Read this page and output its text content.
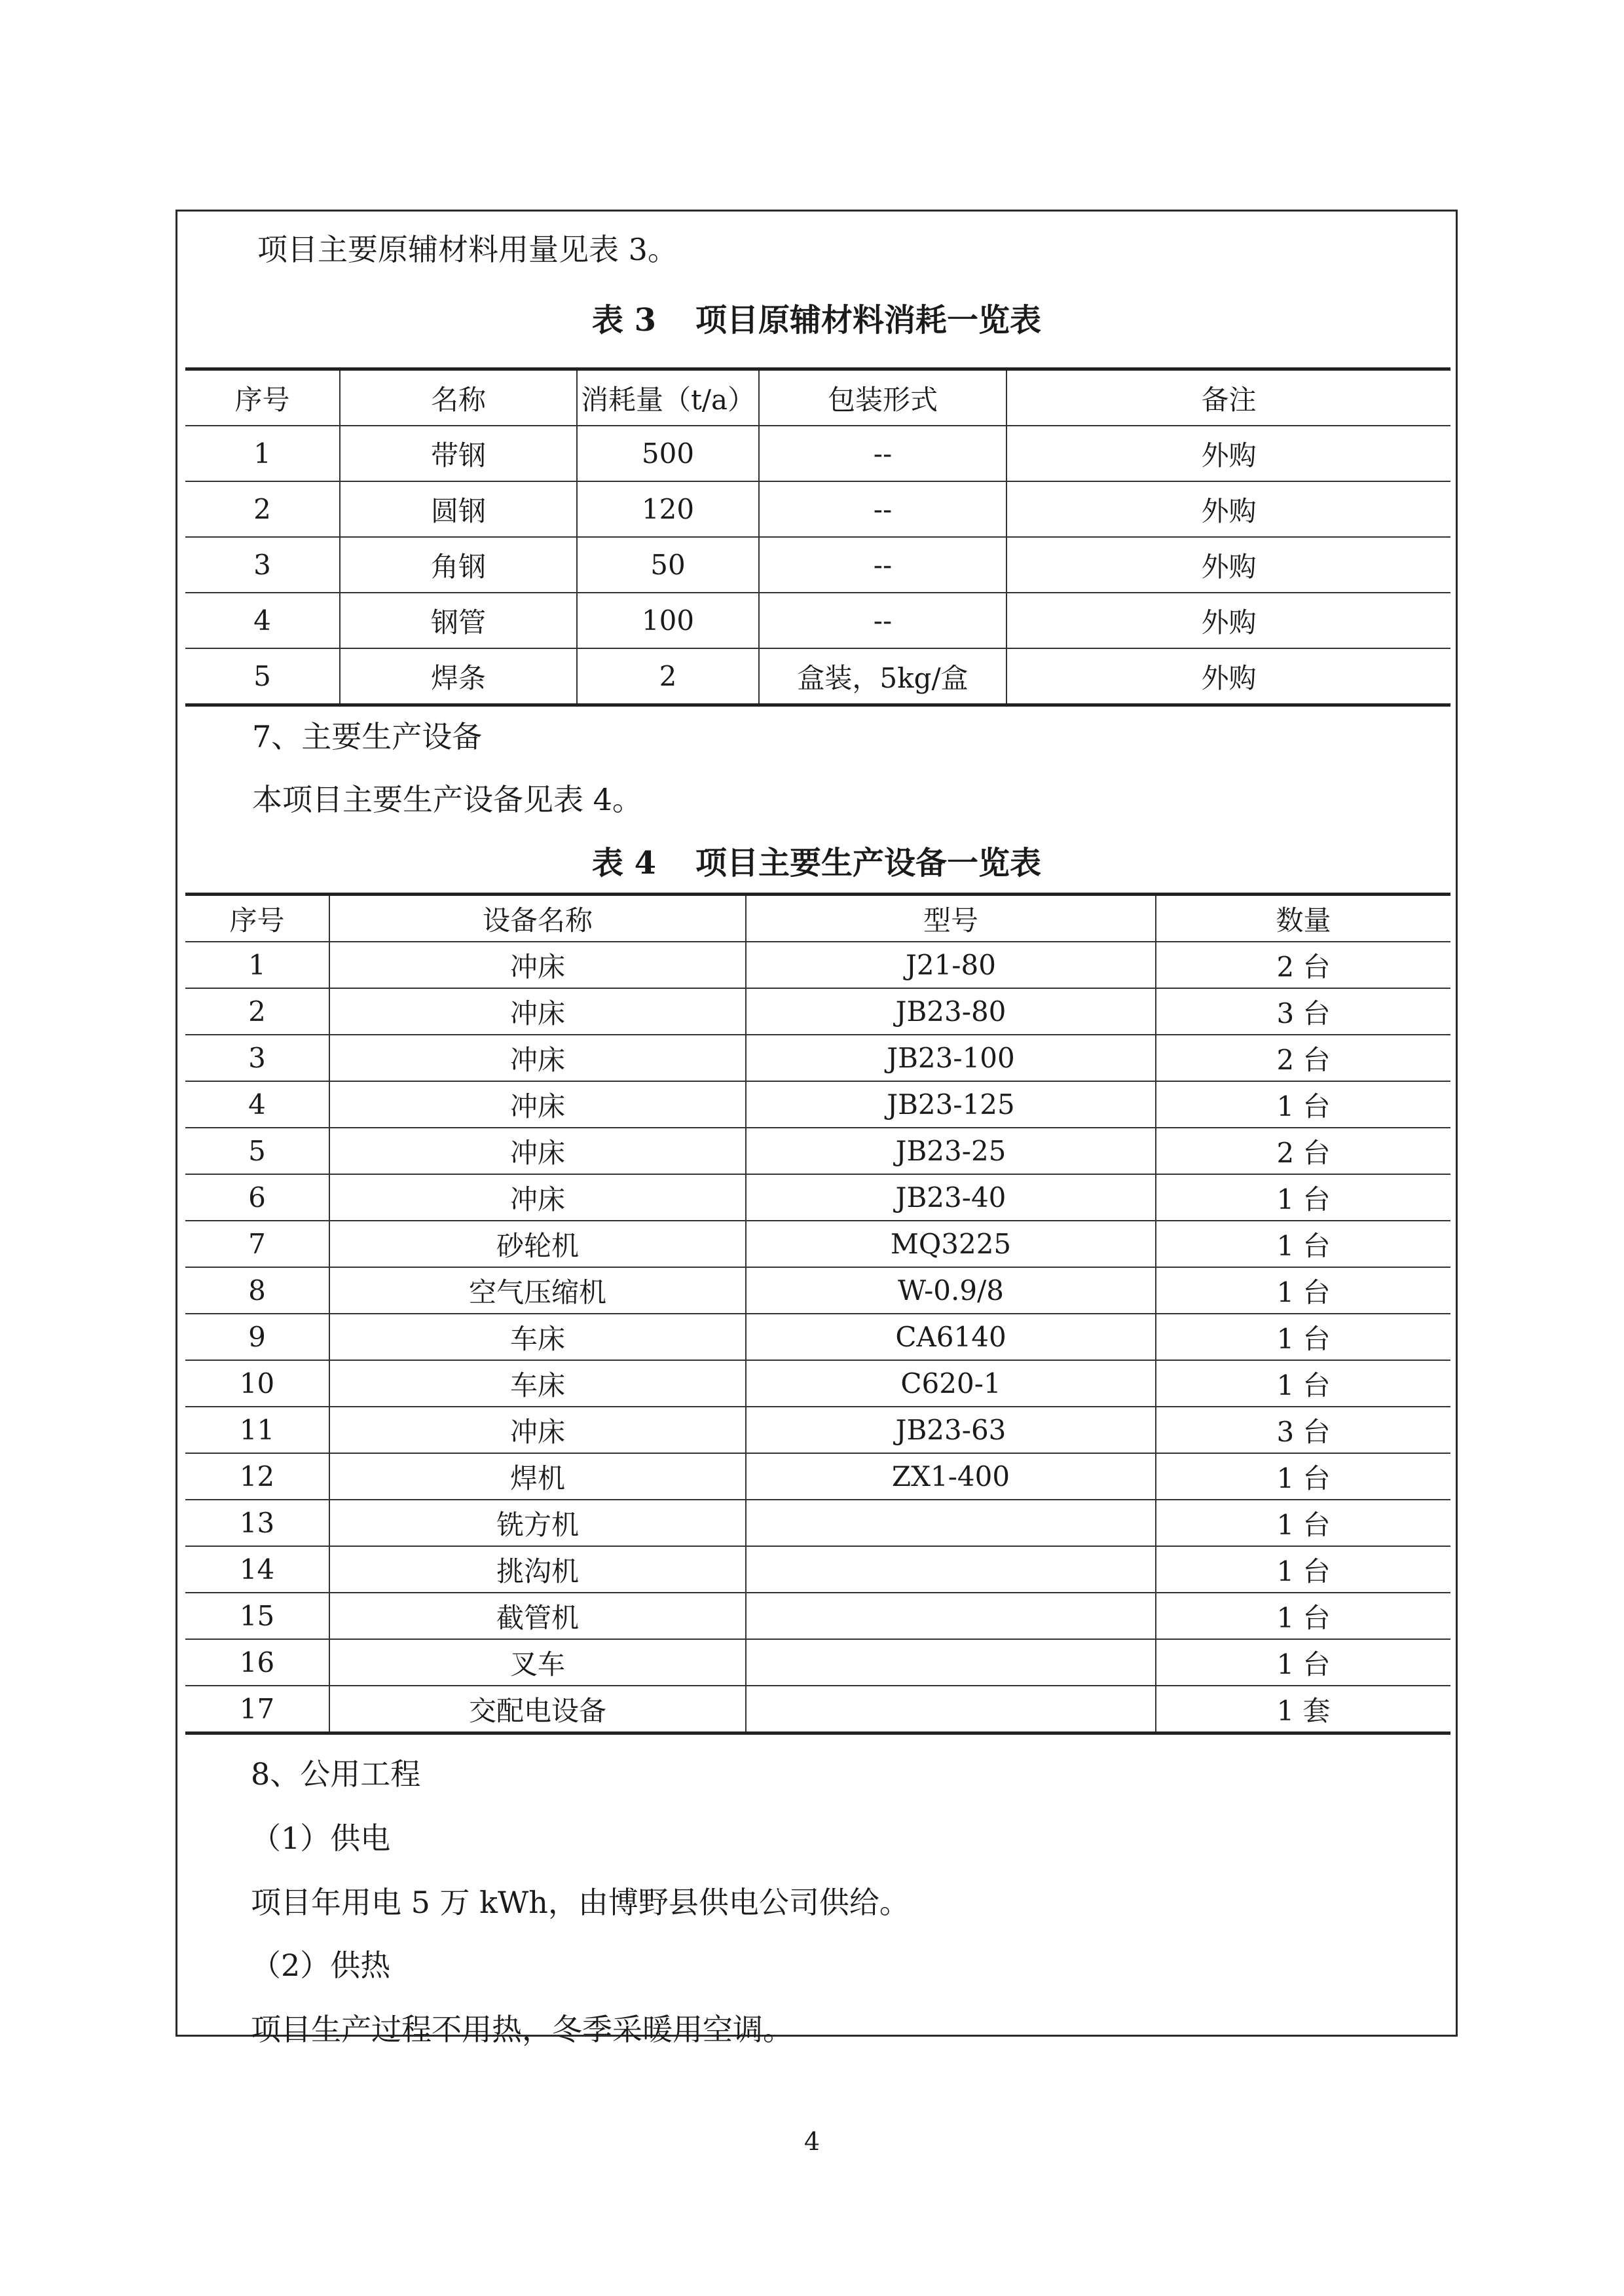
项目主要原辅材料用量见表 3。
表 3 项目原辅材料消耗一览表
序号	名称	消耗量（t/a）	包装形式	备注
1	带钢	500	--	外购
2	圆钢	120	--	外购
3	角钢	50	--	外购
4	钢管	100	--	外购
5	焊条	2	盒装，5kg/盒	外购
7、主要生产设备
本项目主要生产设备见表 4。
表 4 项目主要生产设备一览表
序号	设备名称	型号	数量
1	冲床	J21-80	2 台
2	冲床	JB23-80	3 台
3	冲床	JB23-100	2 台
4	冲床	JB23-125	1 台
5	冲床	JB23-25	2 台
6	冲床	JB23-40	1 台
7	砂轮机	MQ3225	1 台
8	空气压缩机	W-0.9/8	1 台
9	车床	CA6140	1 台
10	车床	C620-1	1 台
11	冲床	JB23-63	3 台
12	焊机	ZX1-400	1 台
13	铣方机		1 台
14	挑沟机		1 台
15	截管机		1 台
16	叉车		1 台
17	交配电设备		1 套
8、公用工程
（1）供电
项目年用电 5 万 kWh，由博野县供电公司供给。
（2）供热
项目生产过程不用热，冬季采暖用空调。
4
